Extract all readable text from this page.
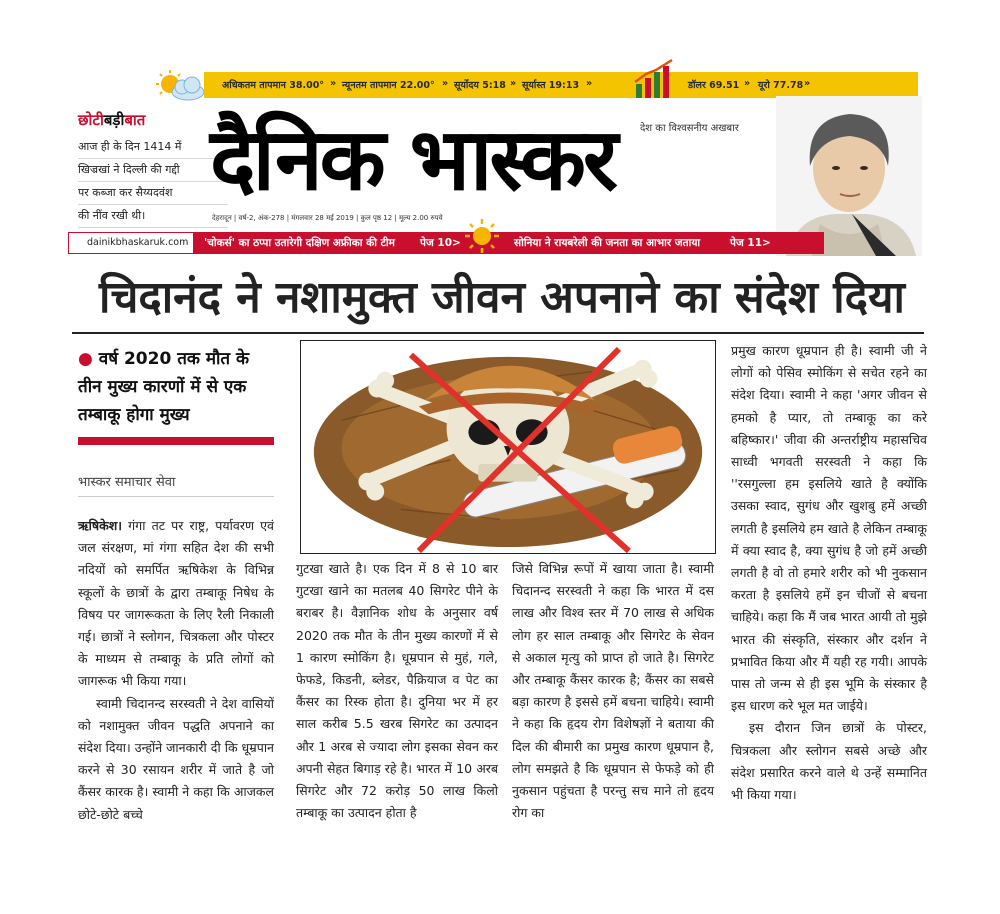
अधिकतम तापमान 38.00° » न्यूनतम तापमान 22.00° » सूर्योदय 5:18 » सूर्यास्त 19:13 »	डॉलर 69.51 » यूरो 77.78 »
छोटीबड़ीबात
आज ही के दिन 1414 में
खिज्रखां ने दिल्ली की गद्दी
पर कब्जा कर सैय्यदवंश
की नींव रखी थी।
देश का विश्वसनीय अखबार
दैनिक भास्कर
देहरादून | वर्ष-2, अंक-278 | मंगलवार 28 मई 2019 | कुल पृष्ठ 12 | मूल्य 2.00 रुपये
dainikbhaskaruk.com	'चोकर्स' का ठप्पा उतारेगी दक्षिण अफ्रीका की टीम पेज 10>	सोनिया ने रायबरेली की जनता का आभार जताया	पेज 11>
चिदानंद ने नशामुक्त जीवन अपनाने का संदेश दिया
● वर्ष 2020 तक मौत के तीन मुख्य कारणों में से एक तम्बाकू होगा मुख्य
भास्कर समाचार सेवा

ऋषिकेश। गंगा तट पर राष्ट्र, पर्यावरण एवं जल संरक्षण, मां गंगा सहित देश की सभी नदियों को समर्पित ऋषिकेश के विभिन्न स्कूलों के छात्रों के द्वारा तम्बाकू निषेध के विषय पर जागरूकता के लिए रैली निकाली गई। छात्रों ने स्लोगन, चित्रकला और पोस्टर के माध्यम से तम्बाकू के प्रति लोगों को जागरूक भी किया गया।

स्वामी चिदानन्द सरस्वती ने देश वासियों को नशामुक्त जीवन पद्धति अपनाने का संदेश दिया। उन्होंने जानकारी दी कि धूम्रपान करने से 30 रसायन शरीर में जाते है जो कैंसर कारक है। स्वामी ने कहा कि आजकल छोटे-छोटे बच्चे

गुटखा खाते है। एक दिन में 8 से 10 बार गुटखा खाने का मतलब 40 सिगरेट पीने के बराबर है। वैज्ञानिक शोध के अनुसार वर्ष 2020 तक मौत के तीन मुख्य कारणों में से 1 कारण स्मोकिंग है। धूम्रपान से मुहं, गले, फेफडे, किडनी, ब्लेडर, पैक्रियाज व पेट का कैंसर का रिस्क होता है। दुनिया भर में हर साल करीब 5.5 खरब सिगरेट का उत्पादन और 1 अरब से ज्यादा लोग इसका सेवन कर अपनी सेहत बिगाड़ रहे है। भारत में 10 अरब सिगरेट और 72 करोड़ 50 लाख किलो तम्बाकू का उत्पादन होता है

जिसे विभिन्न रूपों में खाया जाता है। स्वामी चिदानन्द सरस्वती ने कहा कि भारत में दस लाख और विश्व स्तर में 70 लाख से अधिक लोग हर साल तम्बाकू और सिगरेट के सेवन से अकाल मृत्यु को प्राप्त हो जाते है। सिगरेट और तम्बाकू कैंसर कारक है; कैंसर का सबसे बड़ा कारण है इससे हमें बचना चाहिये। स्वामी ने कहा कि हृदय रोग विशेषज्ञों ने बताया की दिल की बीमारी का प्रमुख कारण धूम्रपान है, लोग समझते है कि धूम्रपान से फेफड़े को ही नुकसान पहुंचता है परन्तु सच माने तो हृदय रोग का

प्रमुख कारण धूम्रपान ही है। स्वामी जी ने लोगों को पेसिव स्मोकिंग से सचेत रहने का संदेश दिया। स्वामी ने कहा 'अगर जीवन से हमको है प्यार, तो तम्बाकू का करे बहिष्कार।' जीवा की अन्तर्राष्ट्रीय महासचिव साध्वी भगवती सरस्वती ने कहा कि ''रसगुल्ला हम इसलिये खाते है क्योंकि उसका स्वाद, सुगंध और खुशबु हमें अच्छी लगती है इसलिये हम खाते है लेकिन तम्बाकू में क्या स्वाद है, क्या सुगंध है जो हमें अच्छी लगती है वो तो हमारे शरीर को भी नुकसान करता है इसलिये हमें इन चीजों से बचना चाहिये। कहा कि मैं जब भारत आयी तो मुझे भारत की संस्कृति, संस्कार और दर्शन ने प्रभावित किया और मैं यही रह गयी। आपके पास तो जन्म से ही इस भूमि के संस्कार है इस धारण करे भूल मत जाईये।

इस दौरान जिन छात्रों के पोस्टर, चित्रकला और स्लोगन सबसे अच्छे और संदेश प्रसारित करने वाले थे उन्हें सम्मानित भी किया गया।
